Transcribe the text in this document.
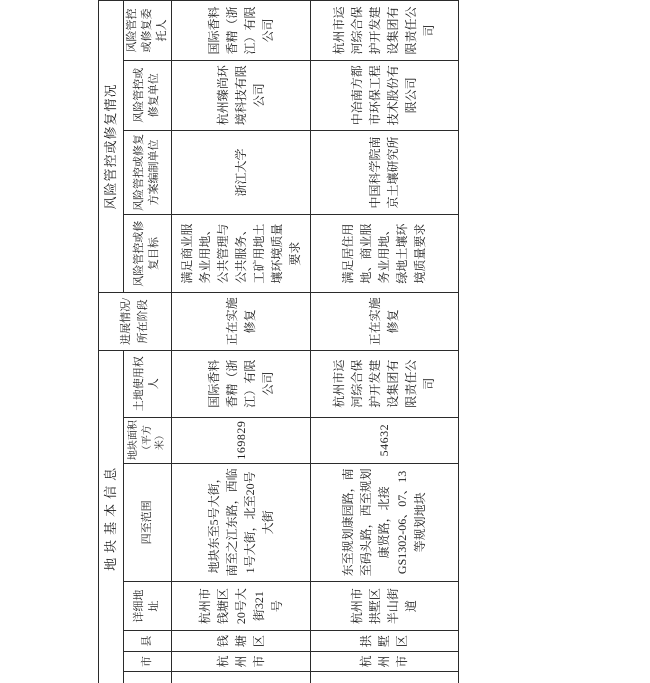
地块基本信息							进展情况/所在阶段	风险管控或修复情况			
	市	县	详细地址	四至范围	地块面积（平方米）	土地使用权人		风险管控或修复目标	风险管控或修复方案编制单位	风险管控或修复单位	风险管控或修复委托人
	杭州市	钱塘区	杭州市钱塘区20号大街321号	地块东至5号大街，南至之江东路，西临1号大街，北至20号大街	169829	国际香料香精（浙江）有限公司	正在实施修复	满足商业服务业用地、公共管理与公共服务、工矿用地土壤环境质量要求	浙江大学	杭州臻尚环境科技有限公司	国际香料香精（浙江）有限公司
	杭州市	拱墅区	杭州市拱墅区半山街道	东至规划康园路，南至码头路，西至规划康贤路，北接GS1302-06、07、13等规划地块	54632	杭州市运河综合保护开发建设集团有限责任公司	正在实施修复	满足居住用地、商业服务业用地、绿地土壤环境质量要求	中国科学院南京土壤研究所	中冶南方都市环保工程技术股份有限公司	杭州市运河综合保护开发建设集团有限责任公司
